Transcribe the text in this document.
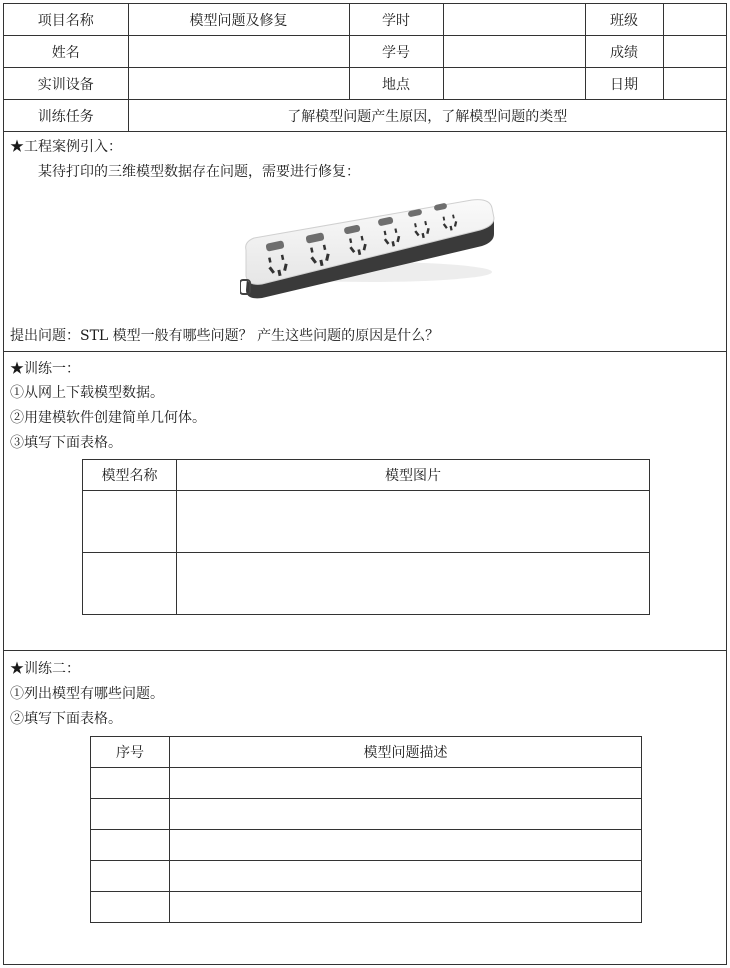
项目名称	模型问题及修复	学时		班级	
姓名		学号		成绩	
实训设备		地点		日期	
训练任务	了解模型问题产生原因，了解模型问题的类型				
★工程案例引入：
某待打印的三维模型数据存在问题，需要进行修复：
提出问题：STL 模型一般有哪些问题？ 产生这些问题的原因是什么？
★训练一：
①从网上下载模型数据。
②用建模软件创建简单几何体。
③填写下面表格。
模型名称	模型图片

★训练二：
①列出模型有哪些问题。
②填写下面表格。
序号	模型问题描述
